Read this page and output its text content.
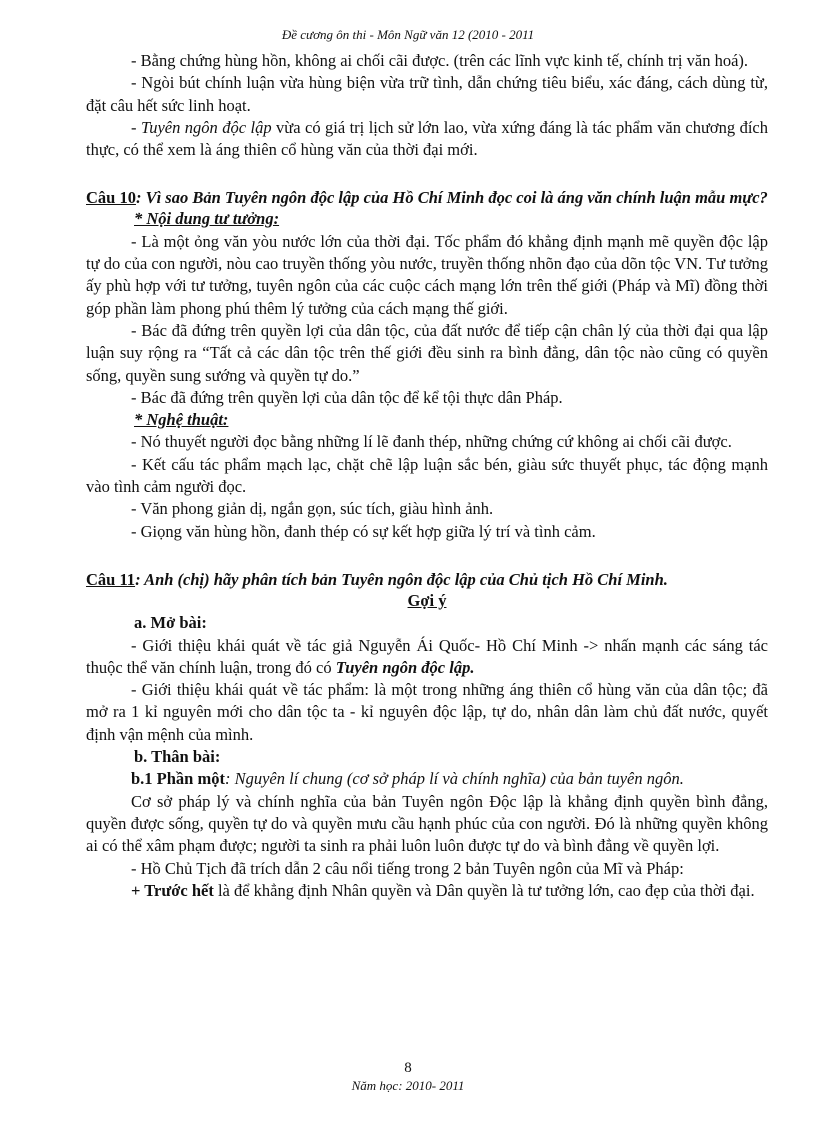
Đề cương ôn thi - Môn Ngữ văn 12 (2010 - 2011

- Bằng chứng hùng hồn, không ai chối cãi được. (trên các lĩnh vực kinh tế, chính trị văn hoá).

- Ngòi bút chính luận vừa hùng biện vừa trữ tình, dẫn chứng tiêu biểu, xác đáng, cách dùng từ, đặt câu hết sức linh hoạt.

- Tuyên ngôn độc lập vừa có giá trị lịch sử lớn lao, vừa xứng đáng là tác phẩm văn chương đích thực, có thể xem là áng thiên cổ hùng văn của thời đại mới.

Câu 10: Vì sao Bản Tuyên ngôn độc lập của Hồ Chí Minh đọc coi là áng văn chính luận mẫu mực?

* Nội dung tư tưởng:

- Là một ỏng văn yòu nước lớn của thời đại. Tốc phẩm đó khẳng định mạnh mẽ quyền độc lập tự do của con người, nòu cao truyền thống yòu nước, truyền thống nhõn đạo của dõn tộc VN. Tư tưởng ấy phù hợp với tư tưởng, tuyên ngôn của các cuộc cách mạng lớn trên thế giới (Pháp và Mĩ) đồng thời góp phần làm phong phú thêm lý tưởng của cách mạng thế giới.

- Bác đã đứng trên quyền lợi của dân tộc, của đất nước để tiếp cận chân lý của thời đại qua lập luận suy rộng ra “Tất cả các dân tộc trên thế giới đều sinh ra bình đẳng, dân tộc nào cũng có quyền sống, quyền sung sướng và quyền tự do.”

- Bác đã đứng trên quyền lợi của dân tộc để kể tội thực dân Pháp.

* Nghệ thuật:

- Nó thuyết người đọc bằng những lí lẽ đanh thép, những chứng cứ không ai chối cãi được.

- Kết cấu tác phẩm mạch lạc, chặt chẽ lập luận sắc bén, giàu sức thuyết phục, tác động mạnh vào tình cảm người đọc.

- Văn phong giản dị, ngắn gọn, súc tích, giàu hình ảnh.

- Giọng văn hùng hồn, đanh thép có sự kết hợp giữa lý trí và tình cảm.

Câu 11: Anh (chị) hãy phân tích bản Tuyên ngôn độc lập của Chủ tịch Hồ Chí Minh.

Gợi ý

a. Mở bài:

- Giới thiệu khái quát về tác giả Nguyễn Ái Quốc- Hồ Chí Minh -> nhấn mạnh các sáng tác thuộc thể văn chính luận, trong đó có Tuyên ngôn độc lập.

- Giới thiệu khái quát về tác phẩm: là một trong những áng thiên cổ hùng văn của dân tộc; đã mở ra 1 kỉ nguyên mới cho dân tộc ta - kỉ nguyên độc lập, tự do, nhân dân làm chủ đất nước, quyết định vận mệnh của mình.

b. Thân bài:

b.1 Phần một: Nguyên lí chung (cơ sở pháp lí và chính nghĩa) của bản tuyên ngôn.

Cơ sở pháp lý và chính nghĩa của bản Tuyên ngôn Độc lập là khẳng định quyền bình đẳng, quyền được sống, quyền tự do và quyền mưu cầu hạnh phúc của con người. Đó là những quyền không ai có thể xâm phạm được; người ta sinh ra phải luôn luôn được tự do và bình đẳng về quyền lợi.

- Hồ Chủ Tịch đã trích dẫn 2 câu nổi tiếng trong 2 bản Tuyên ngôn của Mĩ và Pháp:

+ Trước hết là để khẳng định Nhân quyền và Dân quyền là tư tưởng lớn, cao đẹp của thời đại.

8
Năm học: 2010- 2011
